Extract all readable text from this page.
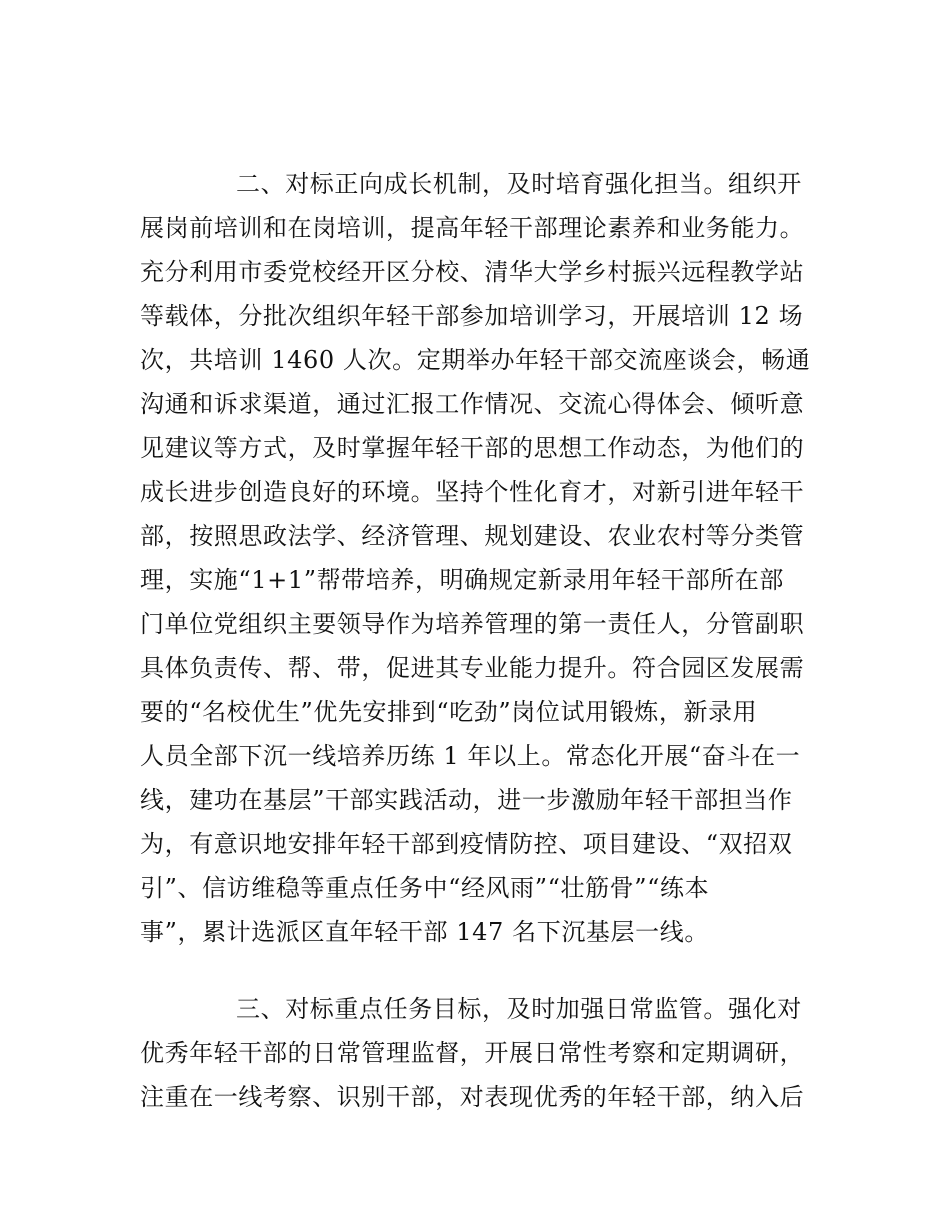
二、对标正向成长机制，及时培育强化担当。组织开
展岗前培训和在岗培训，提高年轻干部理论素养和业务能力。
充分利用市委党校经开区分校、清华大学乡村振兴远程教学站
等载体，分批次组织年轻干部参加培训学习，开展培训 12 场
次，共培训 1460 人次。定期举办年轻干部交流座谈会，畅通
沟通和诉求渠道，通过汇报工作情况、交流心得体会、倾听意
见建议等方式，及时掌握年轻干部的思想工作动态，为他们的
成长进步创造良好的环境。坚持个性化育才，对新引进年轻干
部，按照思政法学、经济管理、规划建设、农业农村等分类管
理，实施“1+1”帮带培养，明确规定新录用年轻干部所在部
门单位党组织主要领导作为培养管理的第一责任人，分管副职
具体负责传、帮、带，促进其专业能力提升。符合园区发展需
要的“名校优生”优先安排到“吃劲”岗位试用锻炼，新录用
人员全部下沉一线培养历练 1 年以上。常态化开展“奋斗在一
线，建功在基层”干部实践活动，进一步激励年轻干部担当作
为，有意识地安排年轻干部到疫情防控、项目建设、“双招双
引”、信访维稳等重点任务中“经风雨”“壮筋骨”“练本
事”，累计选派区直年轻干部 147 名下沉基层一线。
三、对标重点任务目标，及时加强日常监管。强化对
优秀年轻干部的日常管理监督，开展日常性考察和定期调研，
注重在一线考察、识别干部，对表现优秀的年轻干部，纳入后
